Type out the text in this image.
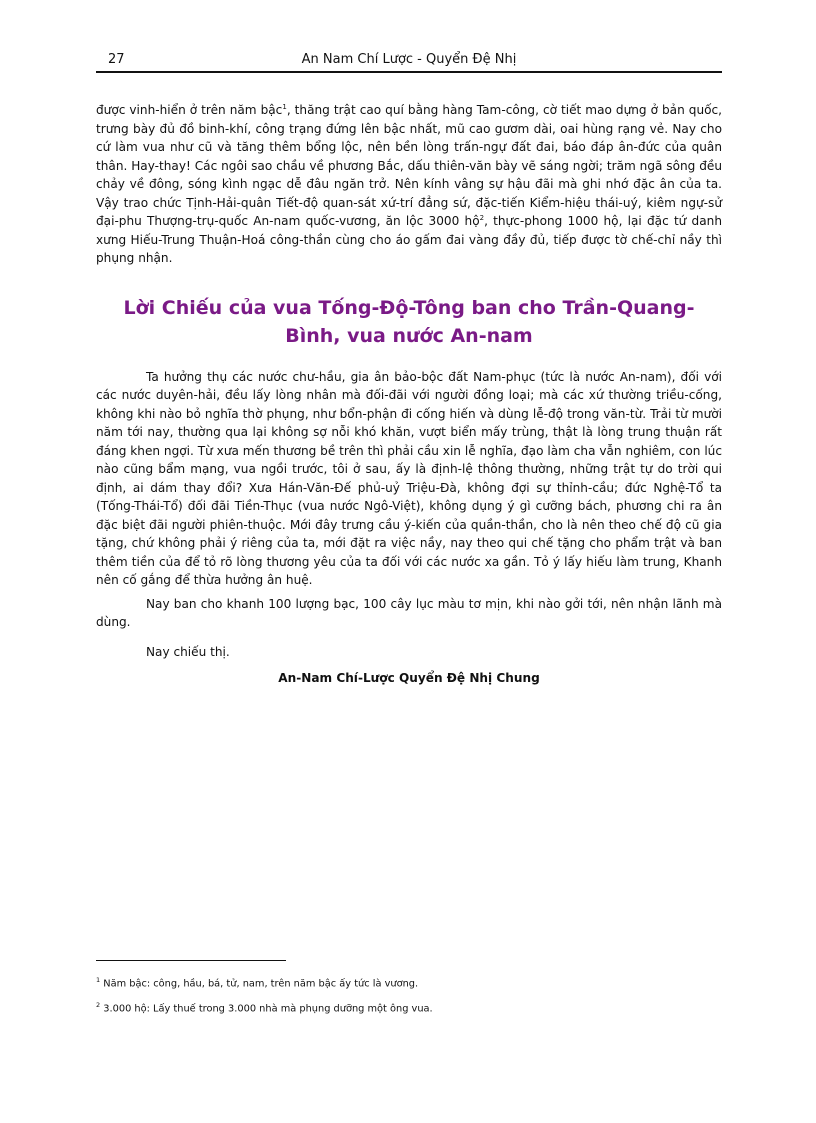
27	An Nam Chí Lược - Quyển Đệ Nhị

được vinh-hiển ở trên năm bậc$^1$, thăng trật cao quí bằng hàng Tam-công, cờ tiết mao dựng ở bản quốc, trưng bày đủ đồ binh-khí, công trạng đứng lên bậc nhất, mũ cao gươm dài, oai hùng rạng vẻ. Nay cho cứ làm vua như cũ và tăng thêm bổng lộc, nên bền lòng trấn-ngự đất đai, báo đáp ân-đức của quân thân. Hay-thay! Các ngôi sao chầu về phương Bắc, dấu thiên-văn bày vẽ sáng ngời; trăm ngã sông đều chảy về đông, sóng kình ngạc dễ đâu ngăn trở. Nên kính vâng sự hậu đãi mà ghi nhớ đặc ân của ta. Vậy trao chức Tịnh-Hải-quân Tiết-độ quan-sát xứ-trí đẳng sứ, đặc-tiến Kiểm-hiệu thái-uý, kiêm ngự-sử đại-phu Thượng-trụ-quốc An-nam quốc-vương, ăn lộc 3000 hộ$^2$, thực-phong 1000 hộ, lại đặc tứ danh xưng Hiếu-Trung Thuận-Hoá công-thần cùng cho áo gấm đai vàng đầy đủ, tiếp được tờ chế-chỉ nầy thì phụng nhận.

Lời Chiếu của vua Tống-Độ-Tông ban cho Trần-Quang-Bình, vua nước An-nam

Ta hưởng thụ các nước chư-hầu, gia ân bảo-bộc đất Nam-phục (tức là nước An-nam), đối với các nước duyên-hải, đều lấy lòng nhân mà đối-đãi với người đồng loại; mà các xứ thường triều-cống, không khi nào bỏ nghĩa thờ phụng, như bổn-phận đi cống hiến và dùng lễ-độ trong văn-từ. Trải từ mười năm tới nay, thường qua lại không sợ nỗi khó khăn, vượt biển mấy trùng, thật là lòng trung thuận rất đáng khen ngợi. Từ xưa mến thương bề trên thì phải cầu xin lễ nghĩa, đạo làm cha vẫn nghiêm, con lúc nào cũng bẩm mạng, vua ngồi trước, tôi ở sau, ấy là định-lệ thông thường, những trật tự do trời qui định, ai dám thay đổi? Xưa Hán-Văn-Đế phủ-uỷ Triệu-Đà, không đợi sự thỉnh-cầu; đức Nghệ-Tổ ta (Tống-Thái-Tổ) đối đãi Tiền-Thục (vua nước Ngô-Việt), không dụng ý gì cưỡng bách, phương chi ra ân đặc biệt đãi người phiên-thuộc. Mới đây trưng cầu ý-kiến của quần-thần, cho là nên theo chế độ cũ gia tặng, chứ không phải ý riêng của ta, mới đặt ra việc nầy, nay theo qui chế tặng cho phẩm trật và ban thêm tiền của để tỏ rõ lòng thương yêu của ta đối với các nước xa gần. Tỏ ý lấy hiếu làm trung, Khanh nên cố gắng để thừa hưởng ân huệ.

Nay ban cho khanh 100 lượng bạc, 100 cây lục màu tơ mịn, khi nào gởi tới, nên nhận lãnh mà dùng.

Nay chiếu thị.

An-Nam Chí-Lược Quyển Đệ Nhị Chung

$^1$ Năm bậc: công, hầu, bá, tử, nam, trên năm bậc ấy tức là vương.

$^2$ 3.000 hộ: Lấy thuế trong 3.000 nhà mà phụng dưỡng một ông vua.
